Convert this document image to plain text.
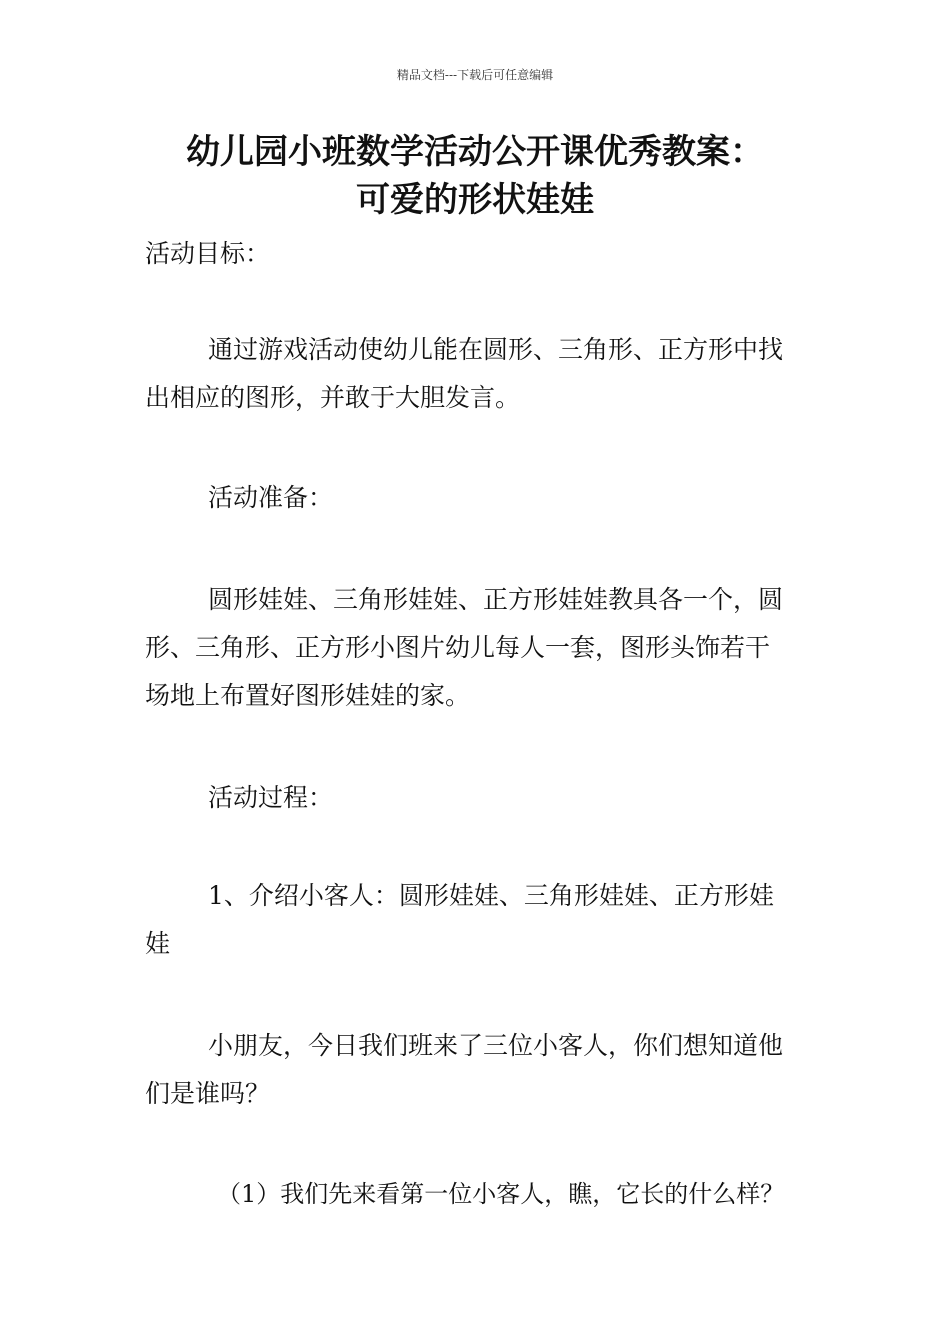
精品文档---下载后可任意编辑
幼儿园小班数学活动公开课优秀教案：
可爱的形状娃娃
活动目标：
通过游戏活动使幼儿能在圆形、三角形、正方形中找
出相应的图形，并敢于大胆发言。
活动准备：
圆形娃娃、三角形娃娃、正方形娃娃教具各一个，圆
形、三角形、正方形小图片幼儿每人一套，图形头饰若干
场地上布置好图形娃娃的家。
活动过程：
1、介绍小客人：圆形娃娃、三角形娃娃、正方形娃
娃
小朋友，今日我们班来了三位小客人，你们想知道他
们是谁吗？
（1）我们先来看第一位小客人，瞧，它长的什么样？
